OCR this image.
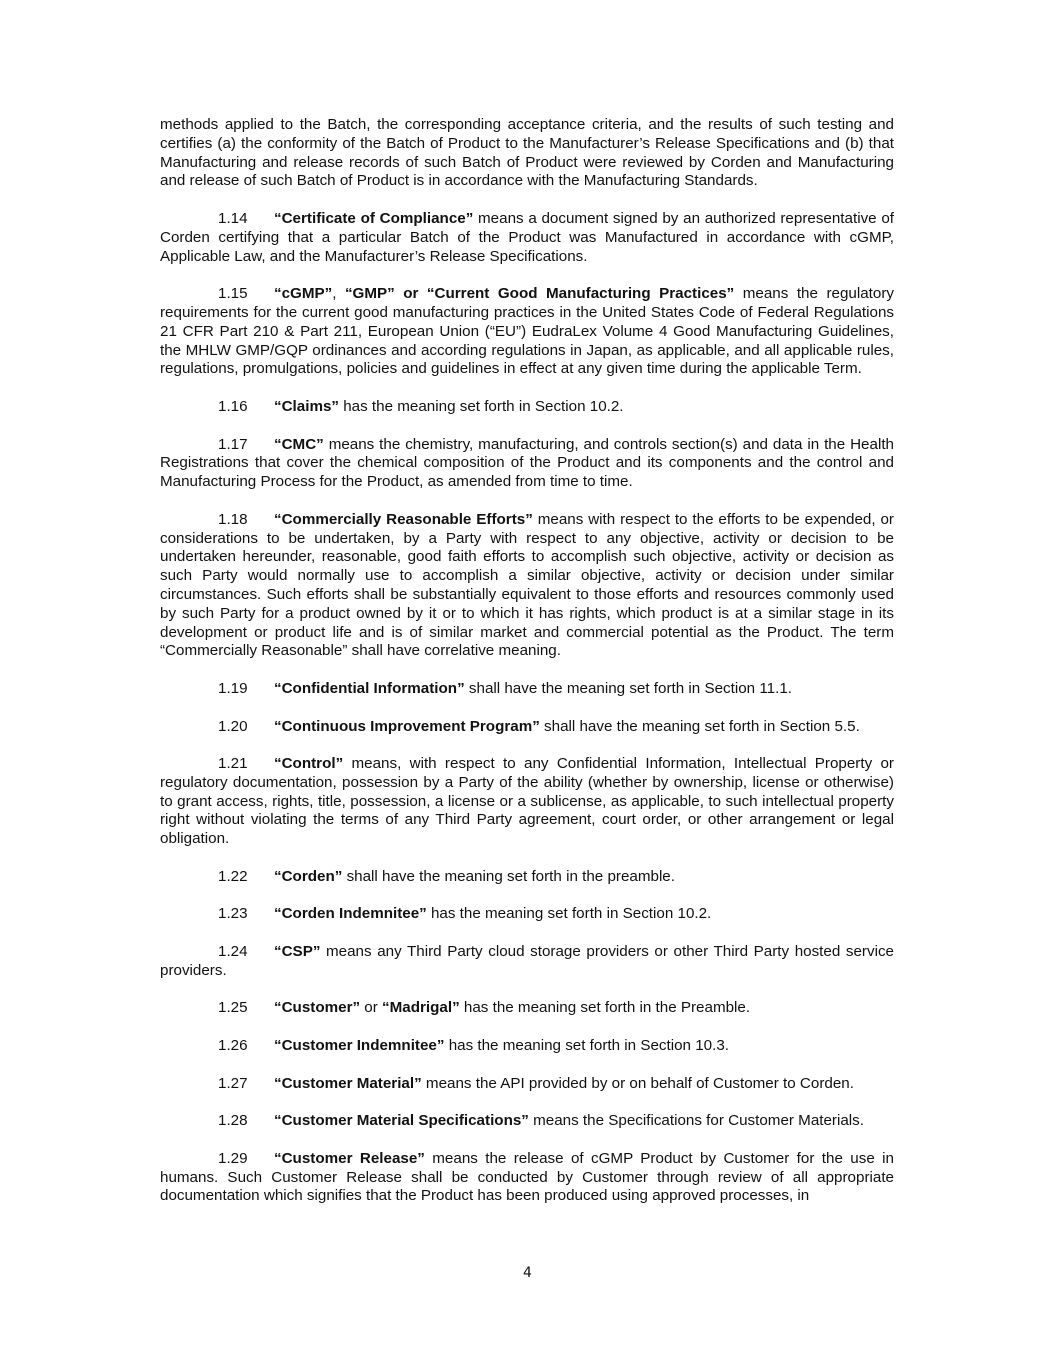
methods applied to the Batch, the corresponding acceptance criteria, and the results of such testing and certifies (a) the conformity of the Batch of Product to the Manufacturer’s Release Specifications and (b) that Manufacturing and release records of such Batch of Product were reviewed by Corden and Manufacturing and release of such Batch of Product is in accordance with the Manufacturing Standards.

1.14 “Certificate of Compliance” means a document signed by an authorized representative of Corden certifying that a particular Batch of the Product was Manufactured in accordance with cGMP, Applicable Law, and the Manufacturer’s Release Specifications.

1.15 “cGMP”, “GMP” or “Current Good Manufacturing Practices” means the regulatory requirements for the current good manufacturing practices in the United States Code of Federal Regulations 21 CFR Part 210 & Part 211, European Union (“EU”) EudraLex Volume 4 Good Manufacturing Guidelines, the MHLW GMP/GQP ordinances and according regulations in Japan, as applicable, and all applicable rules, regulations, promulgations, policies and guidelines in effect at any given time during the applicable Term.

1.16 “Claims” has the meaning set forth in Section 10.2.

1.17 “CMC” means the chemistry, manufacturing, and controls section(s) and data in the Health Registrations that cover the chemical composition of the Product and its components and the control and Manufacturing Process for the Product, as amended from time to time.

1.18 “Commercially Reasonable Efforts” means with respect to the efforts to be expended, or considerations to be undertaken, by a Party with respect to any objective, activity or decision to be undertaken hereunder, reasonable, good faith efforts to accomplish such objective, activity or decision as such Party would normally use to accomplish a similar objective, activity or decision under similar circumstances. Such efforts shall be substantially equivalent to those efforts and resources commonly used by such Party for a product owned by it or to which it has rights, which product is at a similar stage in its development or product life and is of similar market and commercial potential as the Product. The term “Commercially Reasonable” shall have correlative meaning.

1.19 “Confidential Information” shall have the meaning set forth in Section 11.1.

1.20 “Continuous Improvement Program” shall have the meaning set forth in Section 5.5.

1.21 “Control” means, with respect to any Confidential Information, Intellectual Property or regulatory documentation, possession by a Party of the ability (whether by ownership, license or otherwise) to grant access, rights, title, possession, a license or a sublicense, as applicable, to such intellectual property right without violating the terms of any Third Party agreement, court order, or other arrangement or legal obligation.

1.22 “Corden” shall have the meaning set forth in the preamble.

1.23 “Corden Indemnitee” has the meaning set forth in Section 10.2.

1.24 “CSP” means any Third Party cloud storage providers or other Third Party hosted service providers.

1.25 “Customer” or “Madrigal” has the meaning set forth in the Preamble.

1.26 “Customer Indemnitee” has the meaning set forth in Section 10.3.

1.27 “Customer Material” means the API provided by or on behalf of Customer to Corden.

1.28 “Customer Material Specifications” means the Specifications for Customer Materials.

1.29 “Customer Release” means the release of cGMP Product by Customer for the use in humans. Such Customer Release shall be conducted by Customer through review of all appropriate documentation which signifies that the Product has been produced using approved processes, in

4
